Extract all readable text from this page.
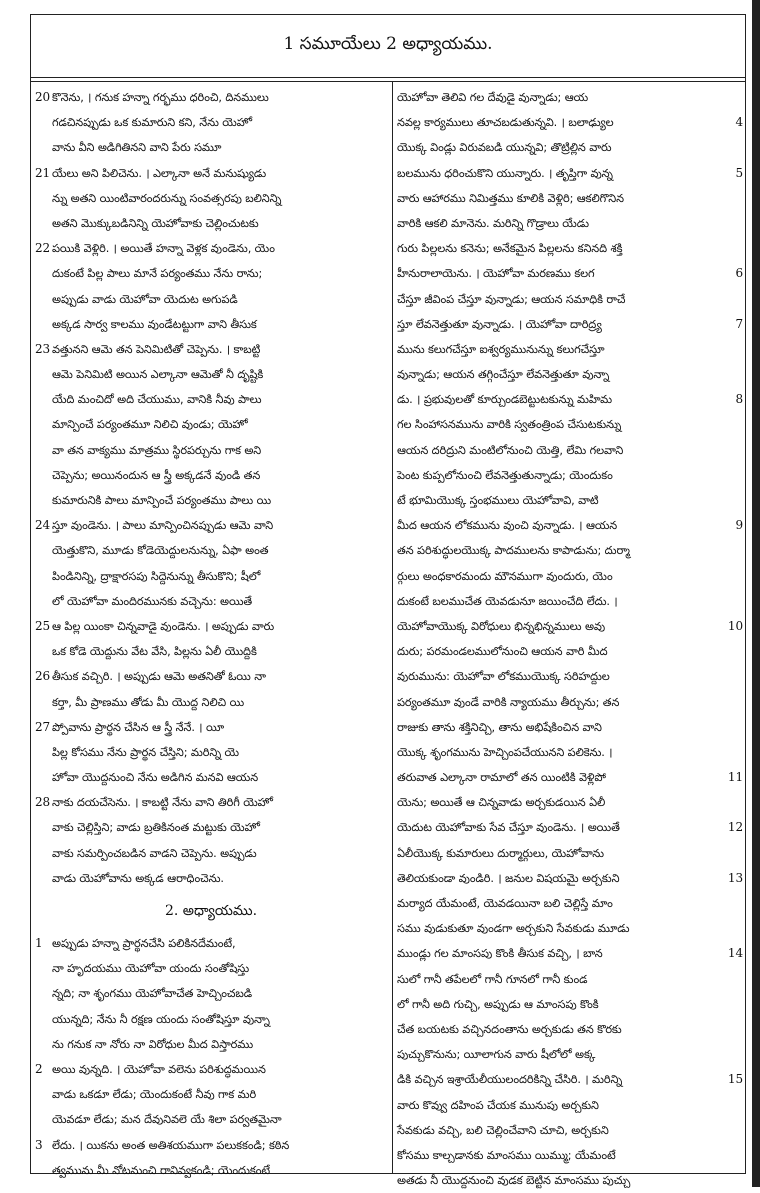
1 సమూయేలు 2 అధ్యాయము.
20 కొనెను, । గనుక హన్నా గర్భము ధరించి, దినములు
గడచినప్పుడు ఒక కుమారుని కని, నేను యెహో
వాను వీని అడిగితినని వాని పేరు సమూ
21 యేలు అని పిలిచెను. । ఎల్కానా అనే మనుష్యుడు
న్ను అతని యింటివారందరున్ను సంవత్సరపు బలినిన్ని
అతని మొక్కుబడినిన్ని యెహోవాకు చెల్లించుటకు
22 పయికి వెళ్లిరి. । అయితే హన్నా వెళ్లక వుండెను, యెం
దుకంటే పిల్ల పాలు మానే పర్యంతము నేను రాను;
అప్పుడు వాడు యెహోవా యెదుట అగుపడి
అక్కడ సార్వ కాలము వుండేటట్టుగా వాని తీసుక
23 వత్తునని ఆమె తన పెనిమిటితో చెప్పెను. । కాబట్టి
ఆమె పెనిమిటి అయిన ఎల్కానా ఆమెతో నీ దృష్టికి
యేది మంచిదో అది చేయుము, వానికి నీవు పాలు
మాన్పించే పర్యంతమూ నిలిచి వుండు; యెహో
వా తన వాక్యము మాత్రము స్థిరపర్చును గాక అని
చెప్పెను; అయినందున ఆ స్త్రీ అక్కడనే వుండి తన
కుమారునికి పాలు మాన్పించే పర్యంతము పాలు యి
24 స్తూ వుండెను. । పాలు మాన్పించినప్పుడు ఆమె వాని
యెత్తుకొని, మూడు కోడెయెద్దులనున్ను, ఏఫా అంత
పిండినిన్ని, ద్రాక్షారసపు సిద్దెనున్ను తీసుకొని; షీలో
లో యెహోవా మందిరమునకు వచ్చెను: అయితే
25 ఆ పిల్ల యింకా చిన్నవాడై వుండెను. । అప్పుడు వారు
ఒక కోడె యెద్దును వేట వేసి, పిల్లను ఏలీ యొద్దికి
26 తీసుక వచ్చిరి. । అప్పుడు ఆమె అతనితో ఓయి నా
కర్తా, మీ ప్రాణము తోడు మీ యొద్ద నిలిచి యి
27 ప్పోవాను ప్రార్థన చేసిన ఆ స్త్రీ నేనే. । యీ
పిల్ల కోసము నేను ప్రార్థన చేస్తిని; మరిన్ని యె
హోవా యొద్దనుంచి నేను అడిగిన మనవి ఆయన
28 నాకు దయచేసెను. । కాబట్టి నేను వాని తిరిగీ యెహో
వాకు చెల్లిస్తిని; వాడు బ్రతికినంత మట్టుకు యెహో
వాకు సమర్పించబడిన వాడని చెప్పెను. అప్పుడు
వాడు యెహోవాను అక్కడ ఆరాధించెను.
2. అధ్యాయము.
1 అప్పుడు హన్నా ప్రార్థనచేసి పలికినదేమంటే,
నా హృదయము యెహోవా యందు సంతోషిస్తు
న్నది; నా శృంగము యెహోవాచేత హెచ్చించబడి
యున్నది; నేను నీ రక్షణ యందు సంతోషిస్తూ వున్నా
ను గనుక నా నోరు నా విరోధుల మీద విస్తారము
2 అయి వున్నది. । యెహోవా వలెను పరిశుద్ధమయిన
వాడు ఒకడూ లేడు; యెందుకంటే నీవు గాక మరి
యెవడూ లేడు; మన దేవునివలె యే శిలా పర్వతమైనా
3 లేదు. । యికను అంత అతిశయముగా పలుకకండి; కఠిన
త్వమును మీ నోటనుంచి రానివ్వకండి; యెందుకంటే
యెహోవా తెలివి గల దేవుడై వున్నాడు; ఆయ
నవల్ల కార్యములు తూచబడుతున్నవి. । బలాఢ్యుల	4
యొక్క విండ్లు విరువబడి యున్నవి; తొట్రిల్లిన వారు
బలమును ధరించుకొని యున్నారు. । తృప్తిగా వున్న	5
వారు ఆహారము నిమిత్తము కూలికి వెళ్లిరి; ఆకలిగొనిన
వారికి ఆకలి మానెను. మరిన్ని గొడ్రాలు యేడు
గురు పిల్లలను కనెను; అనేకమైన పిల్లలను కనినది శక్తి
హీనురాలాయెను. । యెహోవా మరణము కలగ	6
చేస్తూ జీవింప చేస్తూ వున్నాడు; ఆయన సమాధికి రాచే
స్తూ లేవనెత్తుతూ వున్నాడు. । యెహోవా దారిద్ర్య	7
మును కలుగచేస్తూ ఐశ్వర్యమునున్ను కలుగచేస్తూ
వున్నాడు; ఆయన తగ్గించేస్తూ లేవనెత్తుతూ వున్నా
డు. । ప్రభువులతో కూర్చుండబెట్టుటకున్ను మహిమ	8
గల సింహాసనమును వారికి స్వతంత్రింప చేసుటకున్ను
ఆయన దరిద్రుని మంటిలోనుంచి యెత్తి, లేమి గలవాని
పెంట కుప్పలోనుంచి లేవనెత్తుతున్నాడు; యెందుకం
టే భూమియొక్క స్తంభములు యెహోవావి, వాటి
మీద ఆయన లోకమును వుంచి వున్నాడు. । ఆయన	9
తన పరిశుద్ధులయొక్క పాదములను కాపాడును; దుర్మా
ర్గులు అంధకారమందు మౌనముగా వుందురు, యెం
దుకంటే బలముచేత యెవడునూ జయించేది లేదు. ।
యెహోవాయొక్క విరోధులు భిన్నభిన్నములు అవు	10
దురు; పరమండలములోనుంచి ఆయన వారి మీద
వురుమును: యెహోవా లోకముయొక్క సరిహద్దుల
పర్యంతమూ వుండే వారికి న్యాయము తీర్చును; తన
రాజుకు తాను శక్తినిచ్చి, తాను అభిషేకించిన వాని
యొక్క శృంగమును హెచ్చింపచేయునని పలికెను. ।
తరువాత ఎల్కానా రామాలో తన యింటికి వెళ్లిపో	11
యెను; అయితే ఆ చిన్నవాడు అర్చకుడయిన ఏలీ
యెదుట యెహోవాకు సేవ చేస్తూ వుండెను. । అయితే	12
ఏలీయొక్క కుమారులు దుర్మార్గులు, యెహోవాను
తెలియకుండా వుండిరి. । జనుల విషయమై అర్చకుని	13
మర్యాద యేమంటే, యెవడయినా బలి చెల్లిస్తే మాం
సము వుడుకుతూ వుండగా అర్చకుని సేవకుడు మూడు
ముండ్లు గల మాంసపు కొంకి తీసుక వచ్చి, । బాన	14
సులో గానీ తపేలలో గానీ గూనలో గానీ కుండ
లో గానీ అది గుచ్చి, అప్పుడు ఆ మాంసపు కొంకి
చేత బయటకు వచ్చినదంతాను అర్చకుడు తన కొరకు
పుచ్చుకొనును; యీలాగున వారు షీలోలో అక్క
డికి వచ్చిన ఇశ్రాయేలీయులందరికిన్ని చేసిరి. । మరిన్ని	15
వారు కొవ్వు దహింప చేయక మునుపు అర్చకుని
సేవకుడు వచ్చి, బలి చెల్లించేవాని చూచి, అర్చకుని
కోసము కాల్చడానకు మాంసము యిమ్ము; యేమంటే
అతడు నీ యొద్దనుంచి వుడక బెట్టిన మాంసము పుచ్చు
